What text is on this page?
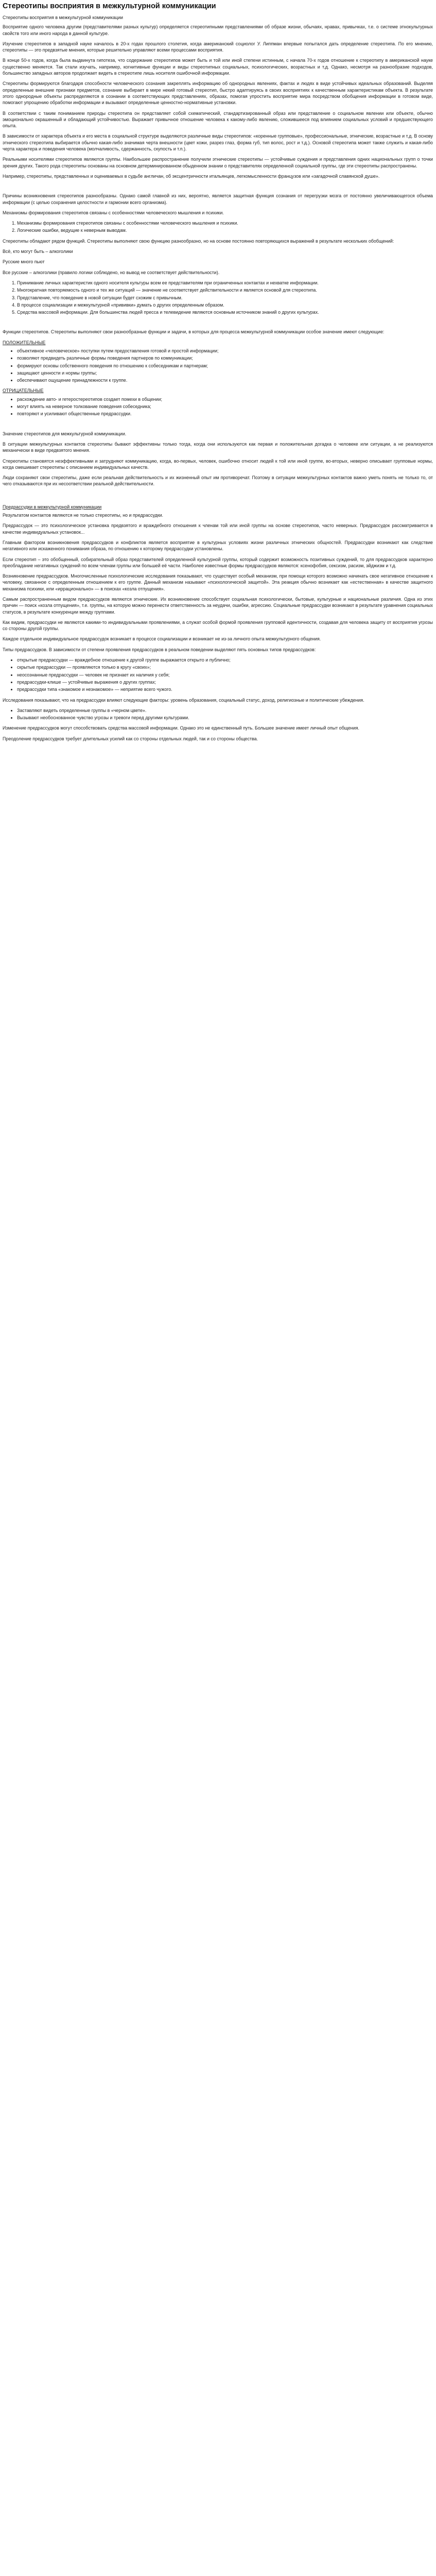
Стереотипы восприятия в межкультурной коммуникации

Стереотипы восприятия в межкультурной коммуникации

Восприятие одного человека другим (представителями разных культур) определяется стереотипными представлениями об образе жизни, обычаях, нравах, привычках, т.е. о системе этнокультурных свойств того или иного народа в данной культуре.

Изучение стереотипов в западной науке началось в 20-х годах прошлого столетия, когда американский социолог У. Липпман впервые попытался дать определение стереотипа. По его мнению, стереотипы — это предвзятые мнения, которые решительно управляют всеми процессами восприятия.

В конце 50-х годов, когда была выдвинута гипотеза, что содержание стереотипов может быть и той или иной степени истинным, с начала 70-х годов отношение к стереотипу в американской науке существенно меняется. Так стали изучать, например, когнитивные функции и виды стереотипных социальных, психологических, возрастных и т.д. Однако, несмотря на разнообразие подходов, большинство западных авторов продолжает видеть в стереотипе лишь носителя ошибочной информации.

Стереотипы формируются благодаря способности человеческого сознания закреплять информацию об однородных явлениях, фактах и людях в виде устойчивых идеальных образований. Выделяя определенные внешние признаки предметов, сознание выбирает в мире некий готовый стереотип, быстро адаптируясь в своих восприятиях к качественным характеристикам объекта. В результате этого однородные объекты распределяются в сознании в соответствующих представлениях, образах, помогая упростить восприятие мира посредством обобщения информации в готовом виде, помогают упрощению обработки информации и вызывают определенные ценностно-нормативные установки.

В соответствии с таким пониманием природы стереотипа он представляет собой схематический, стандартизированный образ или представление о социальном явлении или объекте, обычно эмоционально окрашенный и обладающий устойчивостью. Выражает привычное отношение человека к какому-либо явлению, сложившееся под влиянием социальных условий и предшествующего опыта.

В зависимости от характера объекта и его места в социальной структуре выделяются различные виды стереотипов: «коренные групповые», профессиональные, этнические, возрастные и т.д. В основу этнического стереотипа выбирается обычно какая-либо значимая черта внешности (цвет кожи, разрез глаз, форма губ, тип волос, рост и т.д.). Основой стереотипа может также служить и какая-либо черта характера и поведения человека (молчаливость, сдержанность, скупость и т.п.).

Реальными носителями стереотипов являются группы. Наибольшее распространение получили этнические стереотипы — устойчивые суждения и представления одних национальных групп о точки зрения других. Такого рода стереотипы основаны на основном детерминированном обыденном знании о представителях определенной социальной группы, где эти стереотипы распространены.

Например, стереотипы, представленных и оцениваемых в судьбе англичан, об эксцентричности итальянцев, легкомысленности французов или «загадочной славянской душе».

Причины возникновения стереотипов разнообразны. Однако самой главной из них, вероятно, является защитная функция сознания от перегрузки мозга от постоянно увеличивающегося объема информации (с целью сохранения целостности и гармонии всего организма).

Механизмы формирования стереотипов связаны с особенностями человеческого мышления и психики.

1. Механизмы формирования стереотипов связаны с особенностями человеческого мышления и психики.
2. Логические ошибки, ведущие к неверным выводам.

Стереотипы обладают рядом функций. Стереотипы выполняют свою функцию разнообразно, но на основе постоянно повторяющихся выражений в результате нескольких обобщений:

Всё, кто могут быть – алкоголики

Русские много пьют

Все русские – алкоголики (правило логики соблюдено, но вывод не соответствует действительности).

1. Принимание личных характеристик одного носителя культуры всем ее представителям при ограниченных контактах и нехватке информации.
2. Многократная повторяемость одного и тех же ситуаций — значение не соответствует действительности и является основой для стереотипа.
3. Представление, что поведение в новой ситуации будет схожим с привычным.
4. В процессе социализации и межкультурной «прививки» думать о других определенным образом.
5. Средства массовой информации. Для большинства людей пресса и телевидение являются основным источником знаний о других культурах.

Функции стереотипов. Стереотипы выполняют свои разнообразные функции и задачи, в которых для процесса межкультурной коммуникации особое значение имеют следующие:

ПОЛОЖИТЕЛЬНЫЕ

• объективное «человеческое» поступки путем предоставления готовой и простой информации;
• позволяют предвидеть различные формы поведения партнеров по коммуникации;
• формируют основы собственного поведения по отношению к собеседникам и партнерам;
• защищают ценности и нормы группы;
• обеспечивают ощущение принадлежности к группе.

ОТРИЦАТЕЛЬНЫЕ

• расхождение авто- и гетеростереотипов создает помехи в общении;
• могут влиять на неверное толкование поведения собеседника;
• повторяют и усиливают общественные предрассудки.

Значение стереотипов для межкультурной коммуникации.

В ситуации межкультурных контактов стереотипы бывают эффективны только тогда, когда они используются как первая и положительная догадка о человеке или ситуации, а не реализуются механически в виде предвзятого мнения.

Стереотипы становятся неэффективными и затрудняют коммуникацию, когда, во-первых, человек, ошибочно относит людей к той или иной группе, во-вторых, неверно описывает групповые нормы, когда смешивает стереотипы с описанием индивидуальных качеств.

Люди сохраняют свои стереотипы, даже если реальная действительность и их жизненный опыт им противоречат. Поэтому в ситуации межкультурных контактов важно уметь понять не только то, от чего отказываются при их несоответствии реальной действительности.

Предрассудки в межкультурной коммуникации

Результатом контактов являются не только стереотипы, но и предрассудки.

Предрассудок — это психологическое установка предвзятого и враждебного отношения к членам той или иной группы на основе стереотипов, часто неверных. Предрассудок рассматривается в качестве индивидуальных установок...

Главным фактором возникновения предрассудков и конфликтов является восприятие в культурных условиях жизни различных этнических общностей. Предрассудки возникают как следствие негативного или искаженного понимания образа, по отношению к которому предрассудки установлены.

Если стереотип – это обобщенный, собирательный образ представителей определенной культурной группы, который содержит возможность позитивных суждений, то для предрассудков характерно преобладание негативных суждений по всем членам группы или большей её части. Наиболее известные формы предрассудков являются: ксенофобия, сексизм, расизм, эйджизм и т.д.

Возникновение предрассудков. Многочисленные психологические исследования показывают, что существует особый механизм, при помощи которого возможно начинать свое негативное отношение к человеку, связанное с определенным отношением к его группе. Данный механизм называют «психологической защитой». Эта реакция обычно возникает как «естественная» в качестве защитного механизма психики, или «иррационально» — в поисках «козла отпущения».

Самым распространенным видом предрассудков являются этнические. Их возникновение способствует социальная психологически, бытовые, культурные и национальные различия. Одна из этих причин — поиск «козла отпущения», т.е. группы, на которую можно перенести ответственность за неудачи, ошибки, агрессию. Социальные предрассудки возникают в результате уравнения социальных статусов, в результате конкуренции между группами.

Как видим, предрассудки не являются какими-то индивидуальными проявлениями, а служат особой формой проявления групповой идентичности, создавая для человека защиту от восприятия угрозы со стороны другой группы.

Каждое отдельное индивидуальное предрассудок возникает в процессе социализации и возникает не из-за личного опыта межкультурного общения.

Типы предрассудков. В зависимости от степени проявления предрассудков в реальном поведении выделяют пять основных типов предрассудков:

• открытые предрассудки — враждебное отношение к другой группе выражается открыто и публично;
• скрытые предрассудки — проявляются только в кругу «своих»;
• неосознанные предрассудки — человек не признает их наличия у себя;
• предрассудки-клише — устойчивые выражения о других группах;
• предрассудки типа «знакомое и незнакомое» — неприятие всего чужого.

Исследования показывают, что на предрассудки влияют следующие факторы: уровень образования, социальный статус, доход, религиозные и политические убеждения.

• Заставляют видеть определенные группы в «черном цвете».
• Вызывают необоснованное чувство угрозы и тревоги перед другими культурами.

Изменение предрассудков могут способствовать средства массовой информации. Однако это не единственный путь. Большее значение имеет личный опыт общения.

Преодоление предрассудков требует длительных усилий как со стороны отдельных людей, так и со стороны общества.
